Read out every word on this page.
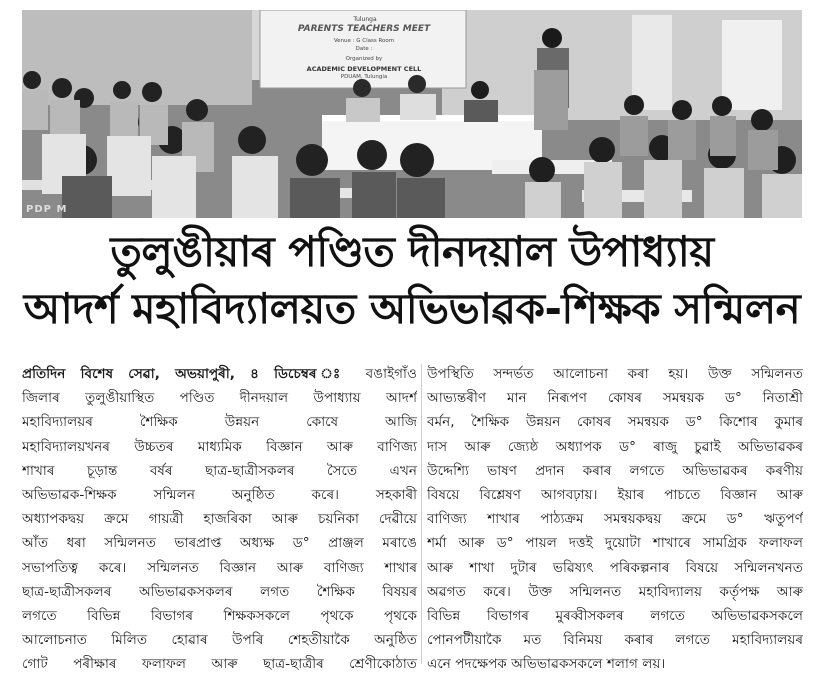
Tulunga
PARENTS TEACHERS MEET
Venue : G Class Room
Date :
Organized by
ACADEMIC DEVELOPMENT CELL
PDUAM, Tulungia
PDP M
তুলুঙীয়াৰ পণ্ডিত দীনদয়াল উপাধ্যায়
আদৰ্শ মহাবিদ্যালয়ত অভিভাৱক-শিক্ষক সন্মিলন
প্ৰতিদিন বিশেষ সেৱা, অভয়াপুৰী, ৪ ডিচেম্বৰ ঃ বঙাইগাঁও
জিলাৰ তুলুঙীয়াস্থিত পণ্ডিত দীনদয়াল উপাধ্যায় আদৰ্শ
মহাবিদ্যালয়ৰ শৈক্ষিক উন্নয়ন কোষে আজি
মহাবিদ্যালয়খনৰ উচ্চতৰ মাধ্যমিক বিজ্ঞান আৰু বাণিজ্য
শাখাৰ চূড়ান্ত বৰ্ষৰ ছাত্ৰ-ছাত্ৰীসকলৰ সৈতে এখন
অভিভাৱক-শিক্ষক সন্মিলন অনুষ্ঠিত কৰে। সহকাৰী
অধ্যাপকদ্বয় ক্ৰমে গায়ত্ৰী হাজৰিকা আৰু চয়নিকা দেৱীয়ে
আঁত ধৰা সন্মিলনত ভাৰপ্ৰাপ্ত অধ্যক্ষ ড° প্ৰাঞ্জল মৰাঙে
সভাপতিত্ব কৰে। সন্মিলনত বিজ্ঞান আৰু বাণিজ্য শাখাৰ
ছাত্ৰ-ছাত্ৰীসকলৰ অভিভাৱকসকলৰ লগত শৈক্ষিক বিষয়ৰ
লগতে বিভিন্ন বিভাগৰ শিক্ষকসকলে পৃথকে পৃথকে
আলোচনাত মিলিত হোৱাৰ উপৰি শেহতীয়াকৈ অনুষ্ঠিত
গোট পৰীক্ষাৰ ফলাফল আৰু ছাত্ৰ-ছাত্ৰীৰ শ্ৰেণীকোঠাত
উপস্থিতি সন্দৰ্ভত আলোচনা কৰা হয়। উক্ত সন্মিলনত
আভ্যন্তৰীণ মান নিৰূপণ কোষৰ সমন্বয়ক ড° নিতাশ্ৰী
বৰ্মন, শৈক্ষিক উন্নয়ন কোষৰ সমন্বয়ক ড° কিশোৰ কুমাৰ
দাস আৰু জ্যেষ্ঠ অধ্যাপক ড° ৰাজু চুৱাই অভিভাৱকৰ
উদ্দেশ্যি ভাষণ প্ৰদান কৰাৰ লগতে অভিভাৱকৰ কৰণীয়
বিষয়ে বিশ্লেষণ আগবঢ়ায়। ইয়াৰ পাচতে বিজ্ঞান আৰু
বাণিজ্য শাখাৰ পাঠ্যক্ৰম সমন্বয়কদ্বয় ক্ৰমে ড° ঋতুপৰ্ণ
শৰ্মা আৰু ড° পায়ল দত্তই দুয়োটা শাখাৰে সামগ্ৰিক ফলাফল
আৰু শাখা দুটাৰ ভৱিষ্যৎ পৰিকল্পনাৰ বিষয়ে সন্মিলনখনত
অৱগত কৰে। উক্ত সন্মিলনত মহাবিদ্যালয় কৰ্তৃপক্ষ আৰু
বিভিন্ন বিভাগৰ মুৰব্বীসকলৰ লগতে অভিভাৱকসকলে
পোনপটীয়াকৈ মত বিনিময় কৰাৰ লগতে মহাবিদ্যালয়ৰ
এনে পদক্ষেপক অভিভাৱকসকলে শলাগ লয়।
